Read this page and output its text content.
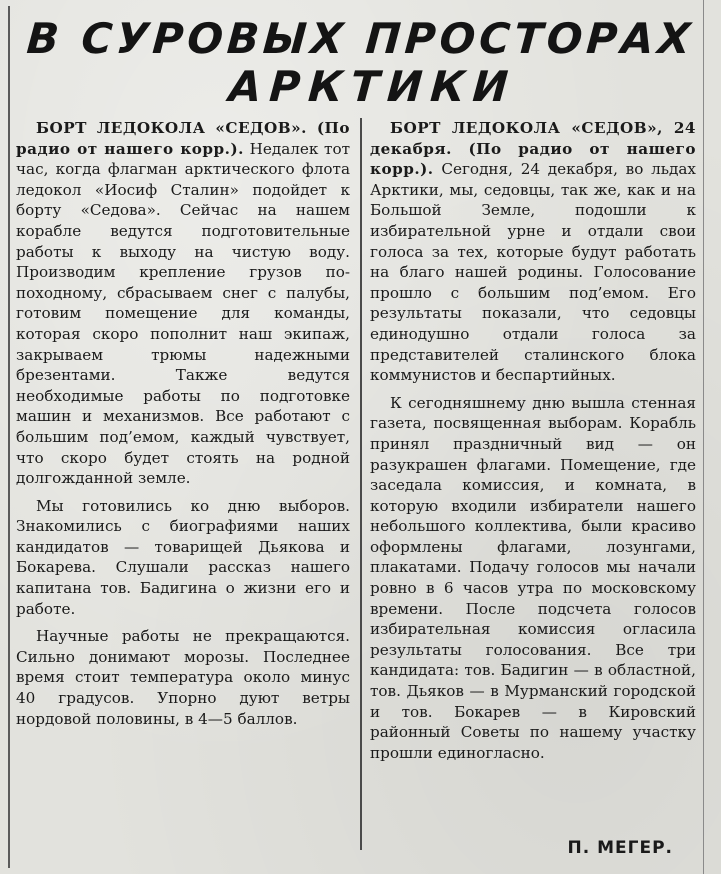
В СУРОВЫХ ПРОСТОРАХ
АРКТИКИ

БОРТ ЛЕДОКОЛА «СЕДОВ». (По радио от нашего корр.). Недалек тот час, когда флагман арктического флота ледокол «Иосиф Сталин» подойдет к борту «Седова». Сейчас на нашем корабле ведутся подготовительные работы к выходу на чистую воду. Производим крепление грузов по-походному, сбрасываем снег с палубы, готовим помещение для команды, которая скоро пополнит наш экипаж, закрываем трюмы надежными брезентами. Также ведутся необходимые работы по подготовке машин и механизмов. Все работают с большим под’емом, каждый чувствует, что скоро будет стоять на родной долгожданной земле.

Мы готовились ко дню выборов. Знакомились с биографиями наших кандидатов — товарищей Дьякова и Бокарева. Слушали рассказ нашего капитана тов. Бадигина о жизни его и работе.

Научные работы не прекращаются. Сильно донимают морозы. Последнее время стоит температура около минус 40 градусов. Упорно дуют ветры нордовой половины, в 4—5 баллов.

БОРТ ЛЕДОКОЛА «СЕДОВ», 24 декабря. (По радио от нашего корр.). Сегодня, 24 декабря, во льдах Арктики, мы, седовцы, так же, как и на Большой Земле, подошли к избирательной урне и отдали свои голоса за тех, которые будут работать на благо нашей родины. Голосование прошло с большим под’емом. Его результаты показали, что седовцы единодушно отдали голоса за представителей сталинского блока коммунистов и беспартийных.

К сегодняшнему дню вышла стенная газета, посвященная выборам. Корабль принял праздничный вид — он разукрашен флагами. Помещение, где заседала комиссия, и комната, в которую входили избиратели нашего небольшого коллектива, были красиво оформлены флагами, лозунгами, плакатами. Подачу голосов мы начали ровно в 6 часов утра по московскому времени. После подсчета голосов избирательная комиссия огласила результаты голосования. Все три кандидата: тов. Бадигин — в областной, тов. Дьяков — в Мурманский городской и тов. Бокарев — в Кировский районный Советы по нашему участку прошли единогласно.

П. МЕГЕР.
